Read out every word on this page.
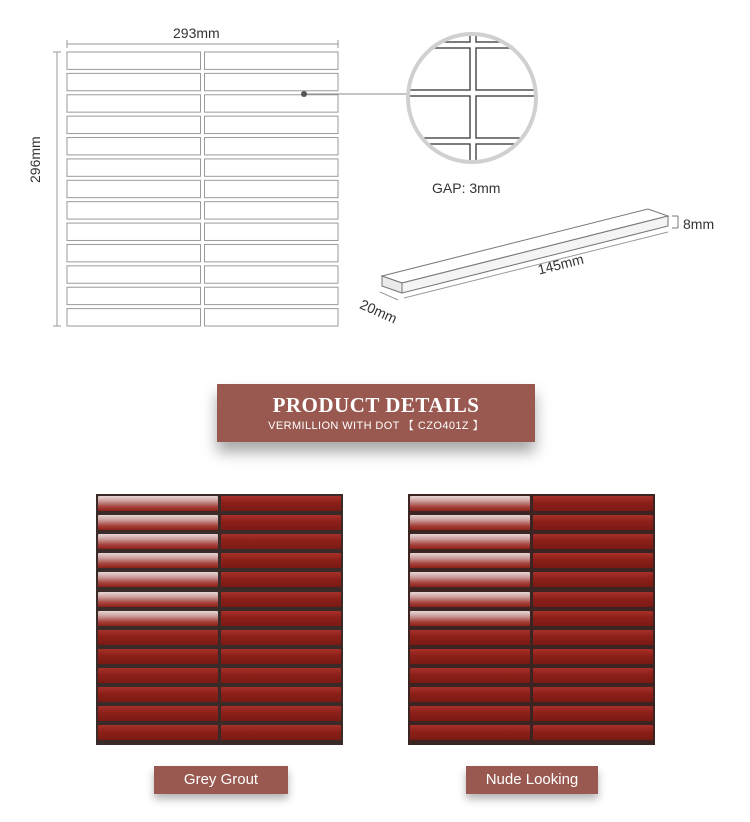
293mm
296mm
GAP: 3mm
8mm
145mm
20mm
PRODUCT DETAILS
VERMILLION WITH DOT 【 CZO401Z 】
Grey Grout	Nude Looking
